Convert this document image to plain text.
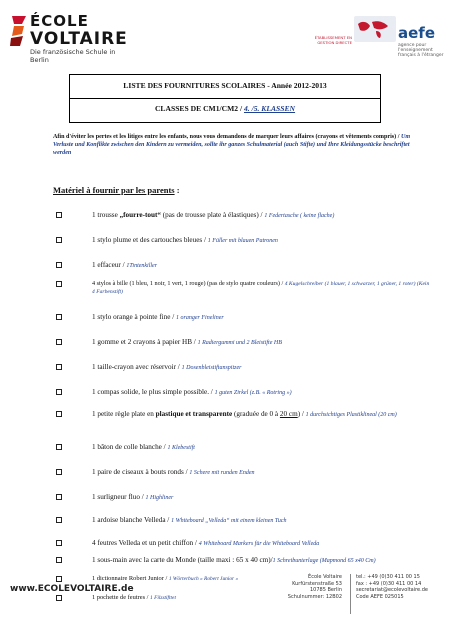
ÉCOLE
VOLTAIRE
Die französische Schule in Berlin
ÉTABLISSEMENT EN GESTION DIRECTE	aefe
agence pour l'enseignement français à l'étranger
LISTE DES FOURNITURES SCOLAIRES - Année 2012-2013
CLASSES DE CM1/CM2 / 4. /5. KLASSEN
Afin d'éviter les pertes et les litiges entre les enfants, nous vous demandons de marquer leurs affaires (crayons et vêtements compris) / Um Verluste und Konflikte zwischen den Kindern zu vermeiden, sollte ihr ganzes Schulmaterial (auch Stifte) und Ihre Kleidungsstücke beschriftet werden
Matériel à fournir par les parents :
1 trousse „fourre-tout“ (pas de trousse plate à élastiques) / 1 Federtasche ( keine flache)
1 stylo plume et des cartouches bleues / 1 Füller mit blauen Patronen
1 effaceur / 1Tintenkiller
4 stylos à bille (1 bleu, 1 noir, 1 vert, 1 rouge) (pas de stylo quatre couleurs) / 4 Kugelschreiber (1 blauer, 1 schwarzer, 1 grüner, 1 roter) (Kein 4 Farbenstift)
1 stylo orange à pointe fine / 1 oranger Fineliner
1 gomme et 2 crayons à papier HB / 1 Radiergummi und 2 Bleistifte HB
1 taille-crayon avec réservoir / 1 Dosenbleistiftanspitzer
1 compas solide, le plus simple possible. / 1 guten Zirkel (z.B. « Rotring »)
1 petite règle plate en plastique et transparente (graduée de 0 à 20 cm) / 1 durchsichtiges Plastiklineal (20 cm)
1 bâton de colle blanche / 1 Klebestift
1 paire de ciseaux à bouts ronds / 1 Schere mit runden Enden
1 surligneur fluo / 1 Highliner
1 ardoise blanche Velleda / 1 Whiteboard „Velleda“ mit einem kleinen Tuch
4 feutres Velleda et un petit chiffon / 4 Whiteboard Markers für die Whiteboard Velleda
1 sous-main avec la carte du Monde (taille maxi : 65 x 40 cm)/1 Schreibunterlage (Mapmond 65 x40 Cm)
1 dictionnaire Robert Junior / 1 Wörterbuch « Robert Junior »
1 pochette de feutres / 1 Filzstifttet
www.ECOLEVOLTAIRE.de
École Voltaire
Kurfürstenstraße 53
10785 Berlin
Schulnummer: 12B02
tel.: +49 (0)30 411 00 15
fax : +49 (0)30 411 00 14
secretariat@ecolevoltaire.de
Code AEFE 025015
